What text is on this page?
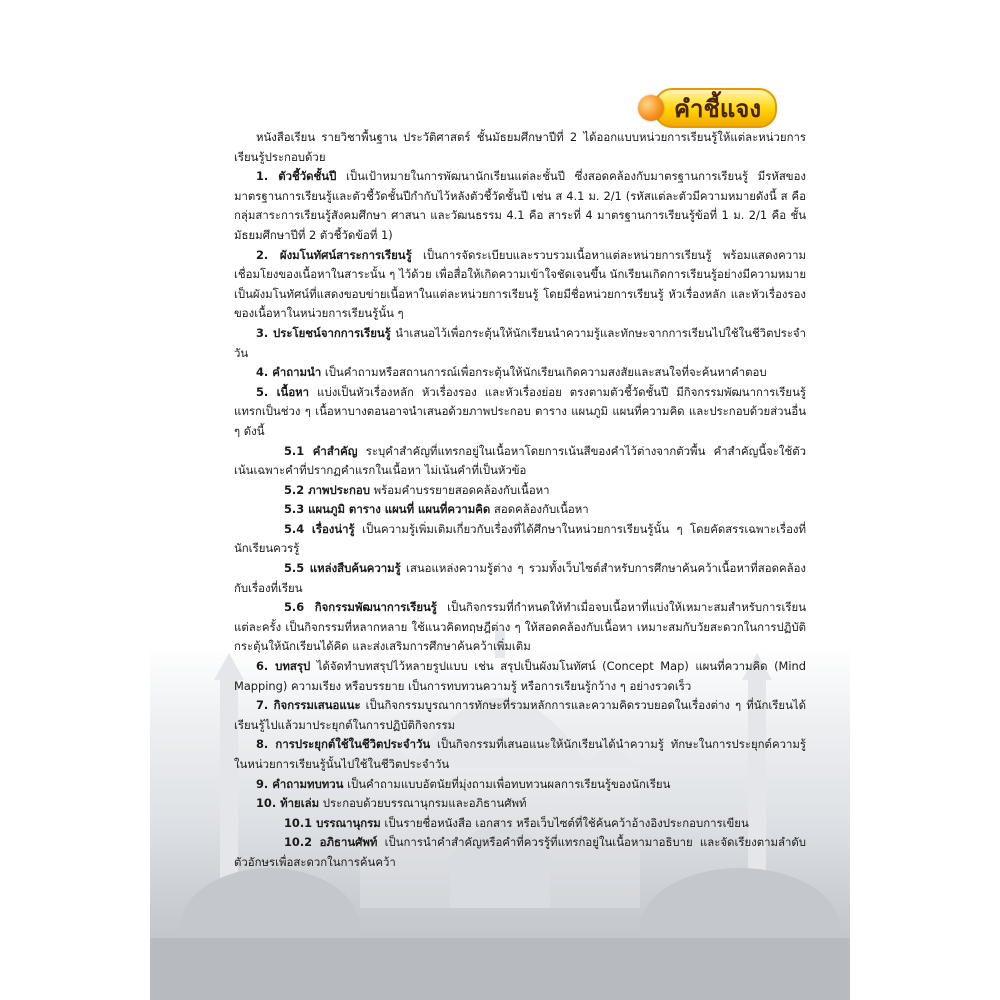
คำชี้แจง

หนังสือเรียน รายวิชาพื้นฐาน ประวัติศาสตร์ ชั้นมัธยมศึกษาปีที่ 2 ได้ออกแบบหน่วยการเรียนรู้ให้แต่ละหน่วยการเรียนรู้ประกอบด้วย

1. ตัวชี้วัดชั้นปี เป็นเป้าหมายในการพัฒนานักเรียนแต่ละชั้นปี ซึ่งสอดคล้องกับมาตรฐานการเรียนรู้ มีรหัสของมาตรฐานการเรียนรู้และตัวชี้วัดชั้นปีกำกับไว้หลังตัวชี้วัดชั้นปี เช่น ส 4.1 ม. 2/1 (รหัสแต่ละตัวมีความหมายดังนี้ ส คือ กลุ่มสาระการเรียนรู้สังคมศึกษา ศาสนา และวัฒนธรรม 4.1 คือ สาระที่ 4 มาตรฐานการเรียนรู้ข้อที่ 1 ม. 2/1 คือ ชั้นมัธยมศึกษาปีที่ 2 ตัวชี้วัดข้อที่ 1)

2. ผังมโนทัศน์สาระการเรียนรู้ เป็นการจัดระเบียบและรวบรวมเนื้อหาแต่ละหน่วยการเรียนรู้ พร้อมแสดงความเชื่อมโยงของเนื้อหาในสาระนั้น ๆ ไว้ด้วย เพื่อสื่อให้เกิดความเข้าใจชัดเจนขึ้น นักเรียนเกิดการเรียนรู้อย่างมีความหมาย เป็นผังมโนทัศน์ที่แสดงขอบข่ายเนื้อหาในแต่ละหน่วยการเรียนรู้ โดยมีชื่อหน่วยการเรียนรู้ หัวเรื่องหลัก และหัวเรื่องรองของเนื้อหาในหน่วยการเรียนรู้นั้น ๆ

3. ประโยชน์จากการเรียนรู้ นำเสนอไว้เพื่อกระตุ้นให้นักเรียนนำความรู้และทักษะจากการเรียนไปใช้ในชีวิตประจำวัน

4. คำถามนำ เป็นคำถามหรือสถานการณ์เพื่อกระตุ้นให้นักเรียนเกิดความสงสัยและสนใจที่จะค้นหาคำตอบ

5. เนื้อหา แบ่งเป็นหัวเรื่องหลัก หัวเรื่องรอง และหัวเรื่องย่อย ตรงตามตัวชี้วัดชั้นปี มีกิจกรรมพัฒนาการเรียนรู้แทรกเป็นช่วง ๆ เนื้อหาบางตอนอาจนำเสนอด้วยภาพประกอบ ตาราง แผนภูมิ แผนที่ความคิด และประกอบด้วยส่วนอื่น ๆ ดังนี้

5.1 คำสำคัญ ระบุคำสำคัญที่แทรกอยู่ในเนื้อหาโดยการเน้นสีของคำไว้ต่างจากตัวพื้น คำสำคัญนี้จะใช้ตัวเน้นเฉพาะคำที่ปรากฏคำแรกในเนื้อหา ไม่เน้นคำที่เป็นหัวข้อ

5.2 ภาพประกอบ พร้อมคำบรรยายสอดคล้องกับเนื้อหา

5.3 แผนภูมิ ตาราง แผนที่ แผนที่ความคิด สอดคล้องกับเนื้อหา

5.4 เรื่องน่ารู้ เป็นความรู้เพิ่มเติมเกี่ยวกับเรื่องที่ได้ศึกษาในหน่วยการเรียนรู้นั้น ๆ โดยคัดสรรเฉพาะเรื่องที่นักเรียนควรรู้

5.5 แหล่งสืบค้นความรู้ เสนอแหล่งความรู้ต่าง ๆ รวมทั้งเว็บไซต์สำหรับการศึกษาค้นคว้าเนื้อหาที่สอดคล้องกับเรื่องที่เรียน

5.6 กิจกรรมพัฒนาการเรียนรู้ เป็นกิจกรรมที่กำหนดให้ทำเมื่อจบเนื้อหาที่แบ่งให้เหมาะสมสำหรับการเรียนแต่ละครั้ง เป็นกิจกรรมที่หลากหลาย ใช้แนวคิดทฤษฎีต่าง ๆ ให้สอดคล้องกับเนื้อหา เหมาะสมกับวัยสะดวกในการปฏิบัติ กระตุ้นให้นักเรียนได้คิด และส่งเสริมการศึกษาค้นคว้าเพิ่มเติม

6. บทสรุป ได้จัดทำบทสรุปไว้หลายรูปแบบ เช่น สรุปเป็นผังมโนทัศน์ (Concept Map) แผนที่ความคิด (Mind Mapping) ความเรียง หรือบรรยาย เป็นการทบทวนความรู้ หรือการเรียนรู้กว้าง ๆ อย่างรวดเร็ว

7. กิจกรรมเสนอแนะ เป็นกิจกรรมบูรณาการทักษะที่รวมหลักการและความคิดรวบยอดในเรื่องต่าง ๆ ที่นักเรียนได้เรียนรู้ไปแล้วมาประยุกต์ในการปฏิบัติกิจกรรม

8. การประยุกต์ใช้ในชีวิตประจำวัน เป็นกิจกรรมที่เสนอแนะให้นักเรียนได้นำความรู้ ทักษะในการประยุกต์ความรู้ในหน่วยการเรียนรู้นั้นไปใช้ในชีวิตประจำวัน

9. คำถามทบทวน เป็นคำถามแบบอัตนัยที่มุ่งถามเพื่อทบทวนผลการเรียนรู้ของนักเรียน

10. ท้ายเล่ม ประกอบด้วยบรรณานุกรมและอภิธานศัพท์

10.1 บรรณานุกรม เป็นรายชื่อหนังสือ เอกสาร หรือเว็บไซต์ที่ใช้ค้นคว้าอ้างอิงประกอบการเขียน

10.2 อภิธานศัพท์ เป็นการนำคำสำคัญหรือคำที่ควรรู้ที่แทรกอยู่ในเนื้อหามาอธิบาย และจัดเรียงตามลำดับตัวอักษรเพื่อสะดวกในการค้นคว้า
